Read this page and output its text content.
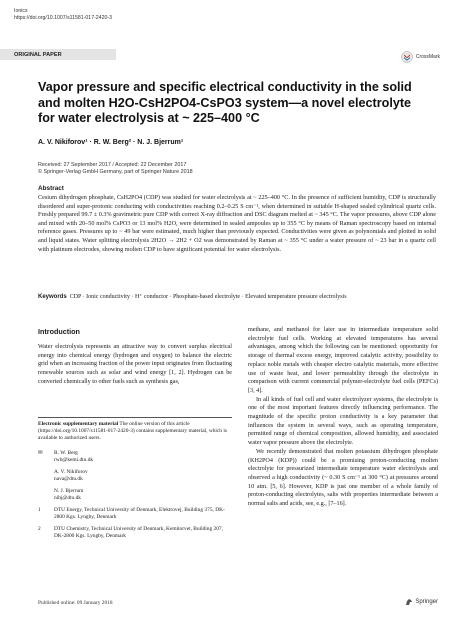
Ionics
https://doi.org/10.1007/s11581-017-2420-3
ORIGINAL PAPER	CrossMark
Vapor pressure and specific electrical conductivity in the solid and molten H2O-CsH2PO4-CsPO3 system—a novel electrolyte for water electrolysis at ~ 225–400 °C
A. V. Nikiforov¹ · R. W. Berg² · N. J. Bjerrum¹
Received: 27 September 2017 / Accepted: 22 December 2017
© Springer-Verlag GmbH Germany, part of Springer Nature 2018
Abstract
Cesium dihydrogen phosphate, CsH2PO4 (CDP) was studied for water electrolysis at ~ 225–400 °C. In the presence of sufficient humidity, CDP is structurally disordered and super-protonic conducting with conductivities reaching 0.2–0.25 S cm⁻¹, when determined in suitable H-shaped sealed cylindrical quartz cells. Freshly prepared 99.7 ± 0.3% gravimetric pure CDP with correct X-ray diffraction and DSC diagram melted at ~ 345 °C. The vapor pressures, above CDP alone and mixed with 20–50 mol% CsPO3 or 13 mol% H2O, were determined in sealed ampoules up to 355 °C by means of Raman spectroscopy based on internal reference gases. Pressures up to ~ 49 bar were estimated, much higher than previously expected. Conductivities were given as polynomials and plotted in solid and liquid states. Water splitting electrolysis 2H2O → 2H2 + O2 was demonstrated by Raman at ~ 355 °C under a water pressure of ~ 23 bar in a quartz cell with platinum electrodes, showing molten CDP to have significant potential for water electrolysis.
Keywords CDP · Ionic conductivity · H⁺ conductor · Phosphate-based electrolyte · Elevated temperature pressure electrolysis
Introduction
Water electrolysis represents an attractive way to convert surplus electrical energy into chemical energy (hydrogen and oxygen) to balance the electric grid when an increasing fraction of the power input originates from fluctuating renewable sources such as solar and wind energy [1, 2]. Hydrogen can be converted chemically to other fuels such as synthesis gas,

methane, and methanol for later use in intermediate temperature solid electrolyte fuel cells. Working at elevated temperatures has several advantages, among which the following can be mentioned: opportunity for storage of thermal excess energy, improved catalytic activity, possibility to replace noble metals with cheaper electro catalytic materials, more effective use of waste heat, and lower permeability through the electrolyte in comparison with current commercial polymer-electrolyte fuel cells (PEFCs) [3, 4].

In all kinds of fuel cell and water electrolyzer systems, the electrolyte is one of the most important features directly influencing performance. The magnitude of the specific proton conductivity is a key parameter that influences the system in several ways, such as operating temperature, permitted range of chemical composition, allowed humidity, and associated water vapor pressure above the electrolyte.

We recently demonstrated that molten potassium dihydrogen phosphate (KH2PO4 (KDP)) could be a promising proton-conducting molten electrolyte for pressurized intermediate temperature water electrolysis and observed a high conductivity (~ 0.30 S cm⁻¹ at 300 °C) at pressures around 10 atm. [5, 6]. However, KDP is just one member of a whole family of proton-conducting electrolytes, salts with properties intermediate between a normal salts and acids, see, e.g., [7–16].

Electronic supplementary material The online version of this article (https://doi.org/10.1007/s11581-017-2420-3) contains supplementary material, which is available to authorized users.
✉	R. W. Berg
rwb@kemi.dtu.dk
A. V. Nikiforov
nava@dtu.dk
N. J. Bjerrum
nibj@dtu.dk
1	DTU Energy, Technical University of Denmark, Elektrovej, Building 375, DK-2800 Kgs. Lyngby, Denmark
2	DTU Chemistry, Technical University of Denmark, Kemitorvet, Building 207, DK-2800 Kgs. Lyngby, Denmark
Published online: 09 January 2018	Springer
